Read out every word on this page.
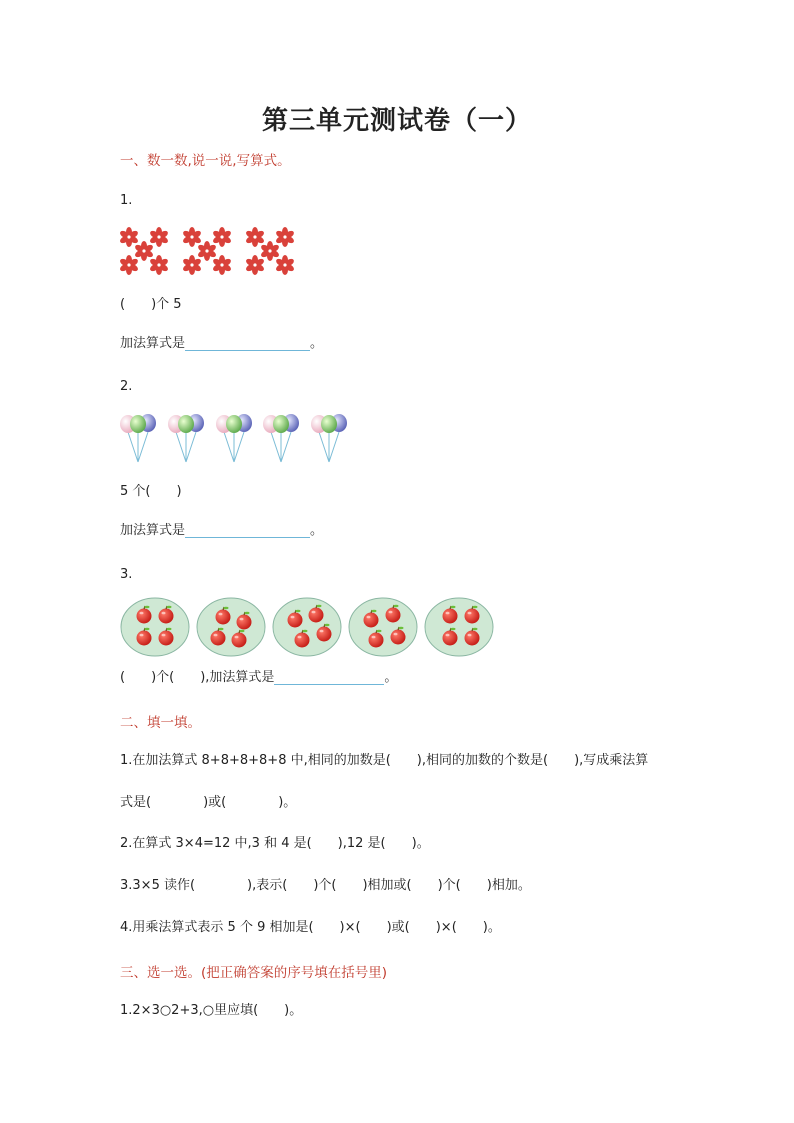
第三单元测试卷（一）
一、数一数,说一说,写算式。
1.
(　　)个 5
加法算式是	。
2.
5 个(　　)
加法算式是	。
3.
(　　)个(　　),加法算式是	。
二、填一填。
1.在加法算式 8+8+8+8+8 中,相同的加数是(　　),相同的加数的个数是(　　),写成乘法算
式是(　　　　)或(　　　　)。
2.在算式 3×4=12 中,3 和 4 是(　　),12 是(　　)。
3.3×5 读作(　　　　),表示(　　)个(　　)相加或(　　)个(　　)相加。
4.用乘法算式表示 5 个 9 相加是(　　)×(　　)或(　　)×(　　)。
三、选一选。(把正确答案的序号填在括号里)
1.2×3○2+3,○里应填(　　)。
